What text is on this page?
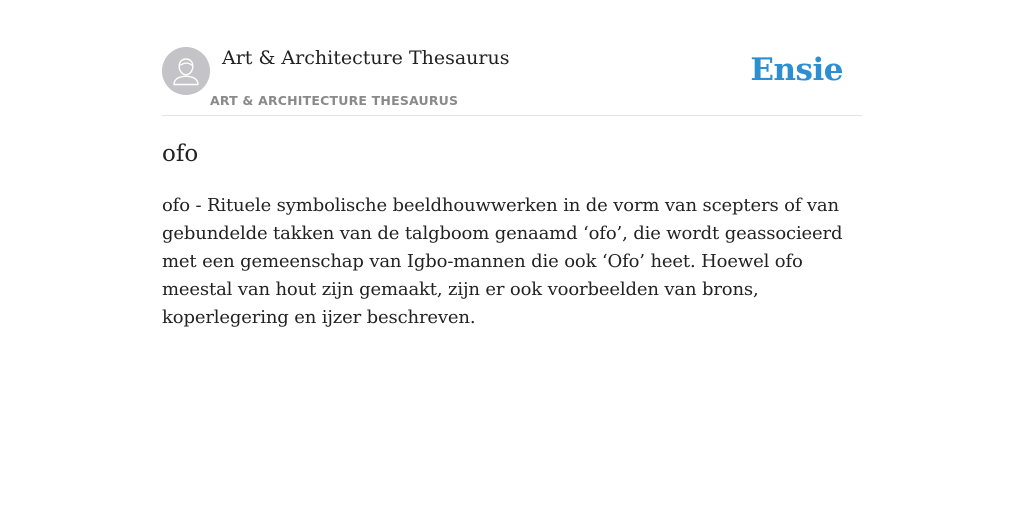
Art & Architecture Thesaurus
ART & ARCHITECTURE THESAURUS
Ensie
ofo

ofo - Rituele symbolische beeldhouwwerken in de vorm van scepters of van gebundelde takken van de talgboom genaamd ‘ofo’, die wordt geassocieerd met een gemeenschap van Igbo-mannen die ook ‘Ofo’ heet. Hoewel ofo meestal van hout zijn gemaakt, zijn er ook voorbeelden van brons, koperlegering en ijzer beschreven.
